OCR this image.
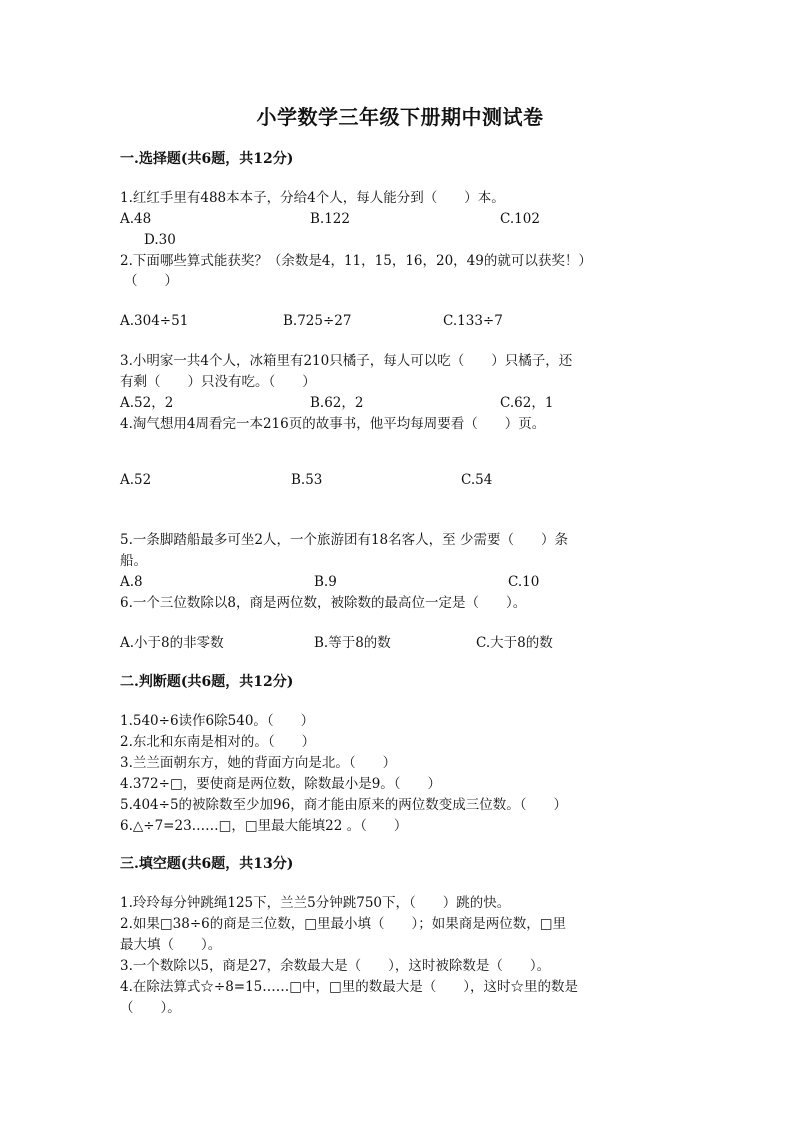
小学数学三年级下册期中测试卷
一.选择题(共6题，共12分)
1.红红手里有488本本子，分给4个人，每人能分到（　　）本。
A.48	B.122	C.102
D.30
2.下面哪些算式能获奖？（余数是4，11，15，16，20，49的就可以获奖！）
（　　）
A.304÷51	B.725÷27	C.133÷7
3.小明家一共4个人，冰箱里有210只橘子，每人可以吃（　　）只橘子，还
有剩（　　）只没有吃。（　　）
A.52，2	B.62，2	C.62，1
4.淘气想用4周看完一本216页的故事书，他平均每周要看（　　）页。
A.52	B.53	C.54
5.一条脚踏船最多可坐2人，一个旅游团有18名客人，至 少需要（　　）条
船。
A.8	B.9	C.10
6.一个三位数除以8，商是两位数，被除数的最高位一定是（　　）。
A.小于8的非零数	B.等于8的数	C.大于8的数
二.判断题(共6题，共12分)
1.540÷6读作6除540。（　　）
2.东北和东南是相对的。（　　）
3.兰兰面朝东方，她的背面方向是北。（　　）
4.372÷□，要使商是两位数，除数最小是9。（　　）
5.404÷5的被除数至少加96，商才能由原来的两位数变成三位数。（　　）
6.△÷7=23……□，□里最大能填22 。（　　）
三.填空题(共6题，共13分)
1.玲玲每分钟跳绳125下，兰兰5分钟跳750下，（　　）跳的快。
2.如果□38÷6的商是三位数，□里最小填（　　）；如果商是两位数，□里
最大填（　　）。
3.一个数除以5，商是27，余数最大是（　　），这时被除数是（　　）。
4.在除法算式☆÷8=15……□中，□里的数最大是（　　），这时☆里的数是
（　　）。
